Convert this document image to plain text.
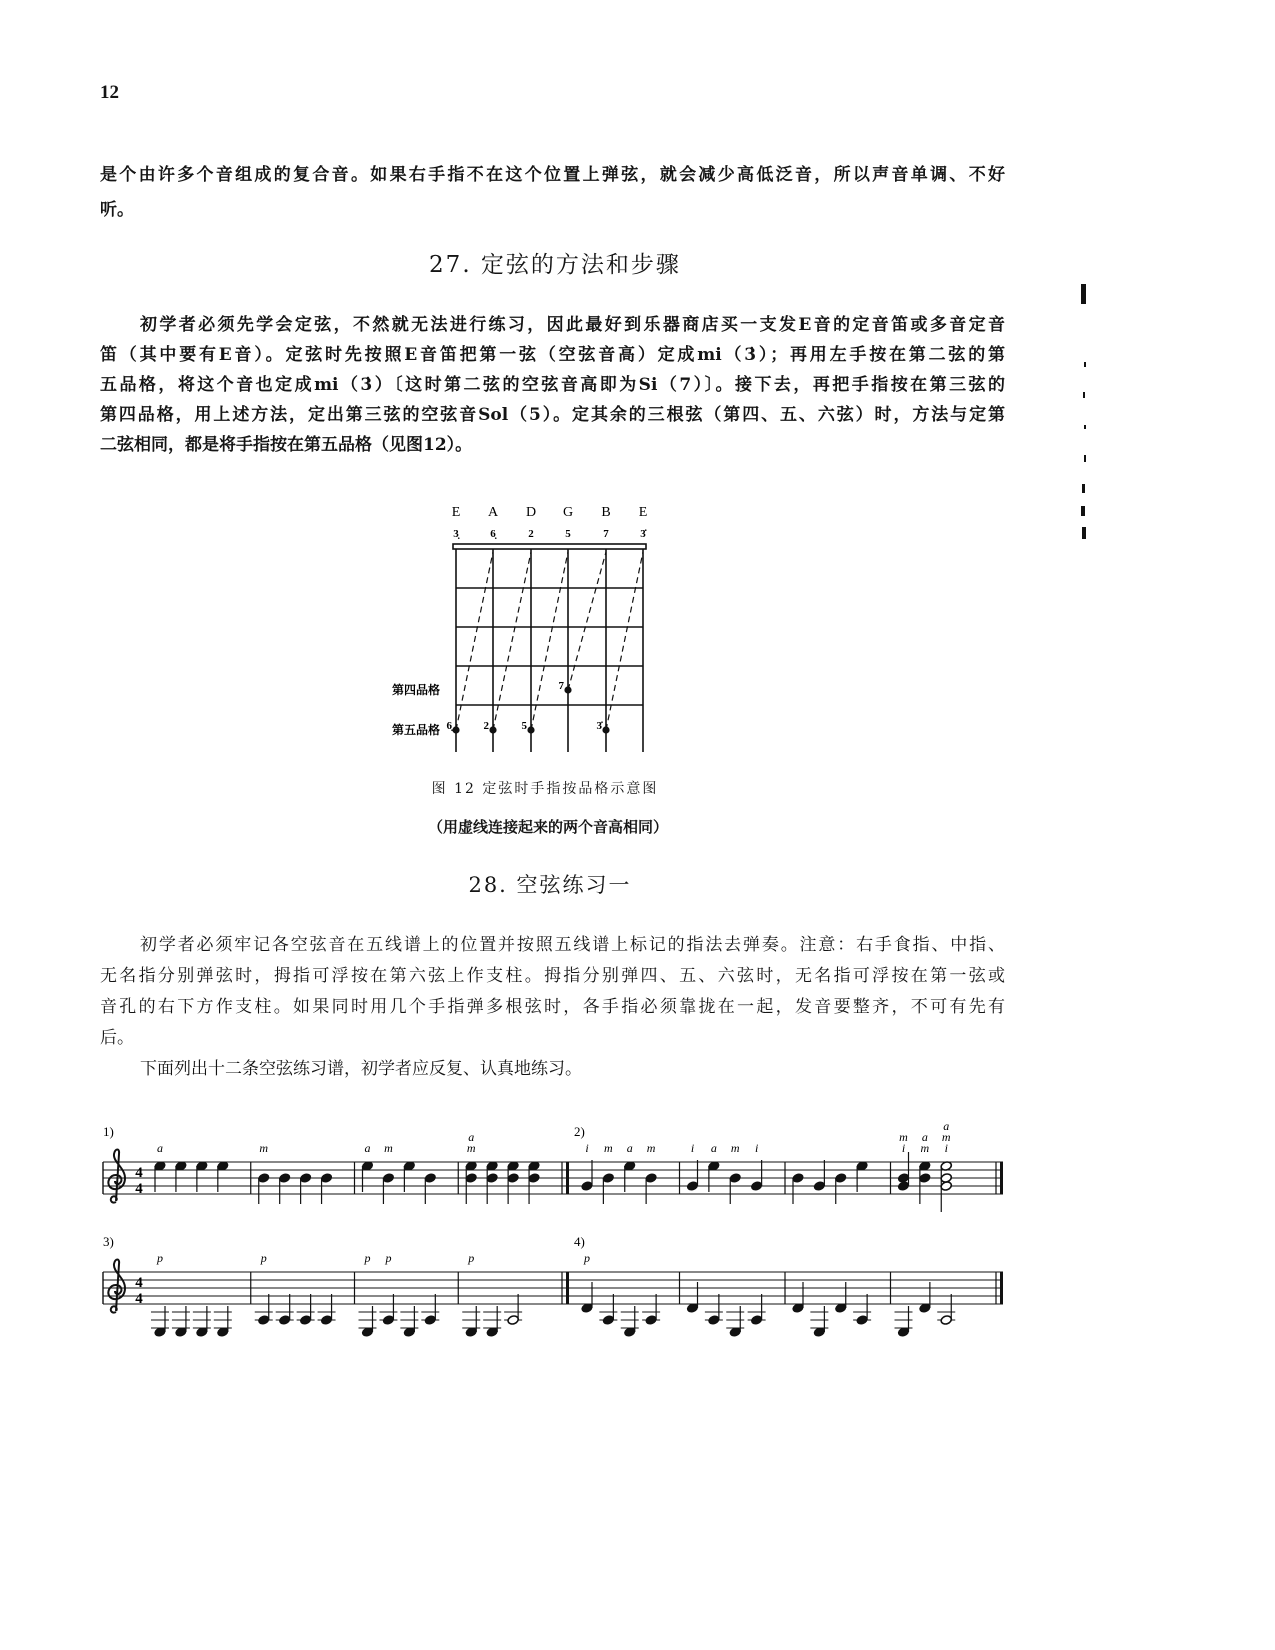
12
是个由许多个音组成的复合音。如果右手指不在这个位置上弹弦，就会减少高低泛音，所以声音单调、不好
听。
27. 定弦的方法和步骤
初学者必须先学会定弦，不然就无法进行练习，因此最好到乐器商店买一支发E音的定音笛或多音定音
笛（其中要有E音）。定弦时先按照E音笛把第一弦（空弦音高）定成mi（3̇）；再用左手按在第二弦的第
五品格，将这个音也定成mi（3̇）〔这时第二弦的空弦音高即为Si（7）〕。接下去，再把手指按在第三弦的
第四品格，用上述方法，定出第三弦的空弦音Sol（5）。定其余的三根弦（第四、五、六弦）时，方法与定第
二弦相同，都是将手指按在第五品格（见图12）。
E
3̣
A
6̣
D
2
G
5
B
7
E
3̇
第四品格
第五品格 6̣	2	5
7
3̇
图 12 定弦时手指按品格示意图
（用虚线连接起来的两个音高相同）
28. 空弦练习一
初学者必须牢记各空弦音在五线谱上的位置并按照五线谱上标记的指法去弹奏。注意：右手食指、中指、
无名指分别弹弦时，拇指可浮按在第六弦上作支柱。拇指分别弹四、五、六弦时，无名指可浮按在第一弦或
音孔的右下方作支柱。如果同时用几个手指弹多根弦时，各手指必须靠拢在一起，发音要整齐，不可有先有
后。
下面列出十二条空弦练习谱，初学者应反复、认真地练习。
4
4
1)
a	m	a m
a
m
2)
i m a m	i a m i
m
i
a
m
a
m
i
4
4
3)
p	p	p p	p
4)
p
